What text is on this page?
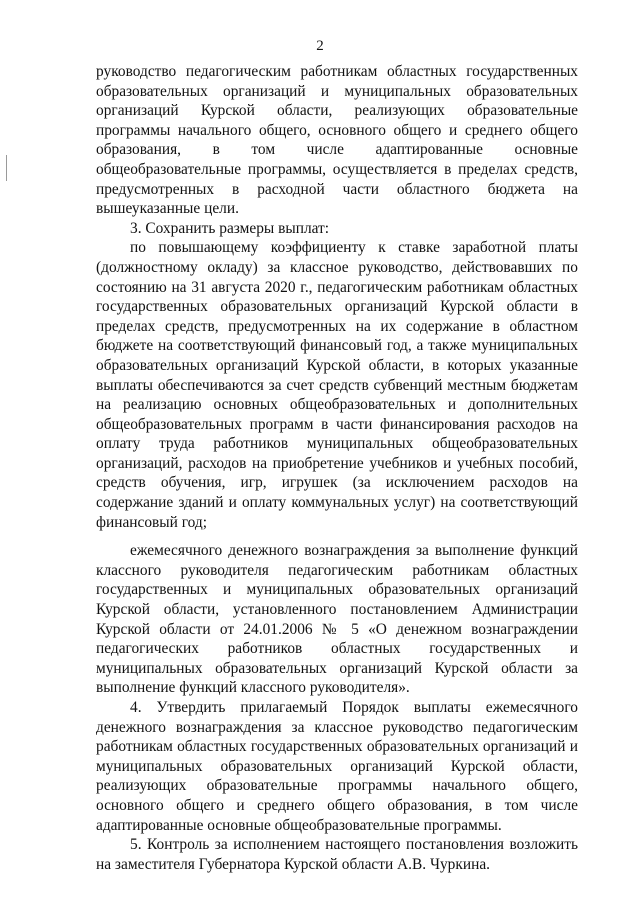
2

руководство педагогическим работникам областных государственных образовательных организаций и муниципальных образовательных организаций Курской области, реализующих образовательные программы начального общего, основного общего и среднего общего образования, в том числе адаптированные основные общеобразовательные программы, осуществляется в пределах средств, предусмотренных в расходной части областного бюджета на вышеуказанные цели.

3. Сохранить размеры выплат:

по повышающему коэффициенту к ставке заработной платы (должностному окладу) за классное руководство, действовавших по состоянию на 31 августа 2020 г., педагогическим работникам областных государственных образовательных организаций Курской области в пределах средств, предусмотренных на их содержание в областном бюджете на соответствующий финансовый год, а также муниципальных образовательных организаций Курской области, в которых указанные выплаты обеспечиваются за счет средств субвенций местным бюджетам на реализацию основных общеобразовательных и дополнительных общеобразовательных программ в части финансирования расходов на оплату труда работников муниципальных общеобразовательных организаций, расходов на приобретение учебников и учебных пособий, средств обучения, игр, игрушек (за исключением расходов на содержание зданий и оплату коммунальных услуг) на соответствующий финансовый год;

ежемесячного денежного вознаграждения за выполнение функций классного руководителя педагогическим работникам областных государственных и муниципальных образовательных организаций Курской области, установленного постановлением Администрации Курской области от 24.01.2006 № 5 «О денежном вознаграждении педагогических работников областных государственных и муниципальных образовательных организаций Курской области за выполнение функций классного руководителя».

4. Утвердить прилагаемый Порядок выплаты ежемесячного денежного вознаграждения за классное руководство педагогическим работникам областных государственных образовательных организаций и муниципальных образовательных организаций Курской области, реализующих образовательные программы начального общего, основного общего и среднего общего образования, в том числе адаптированные основные общеобразовательные программы.

5. Контроль за исполнением настоящего постановления возложить на заместителя Губернатора Курской области А.В. Чуркина.
